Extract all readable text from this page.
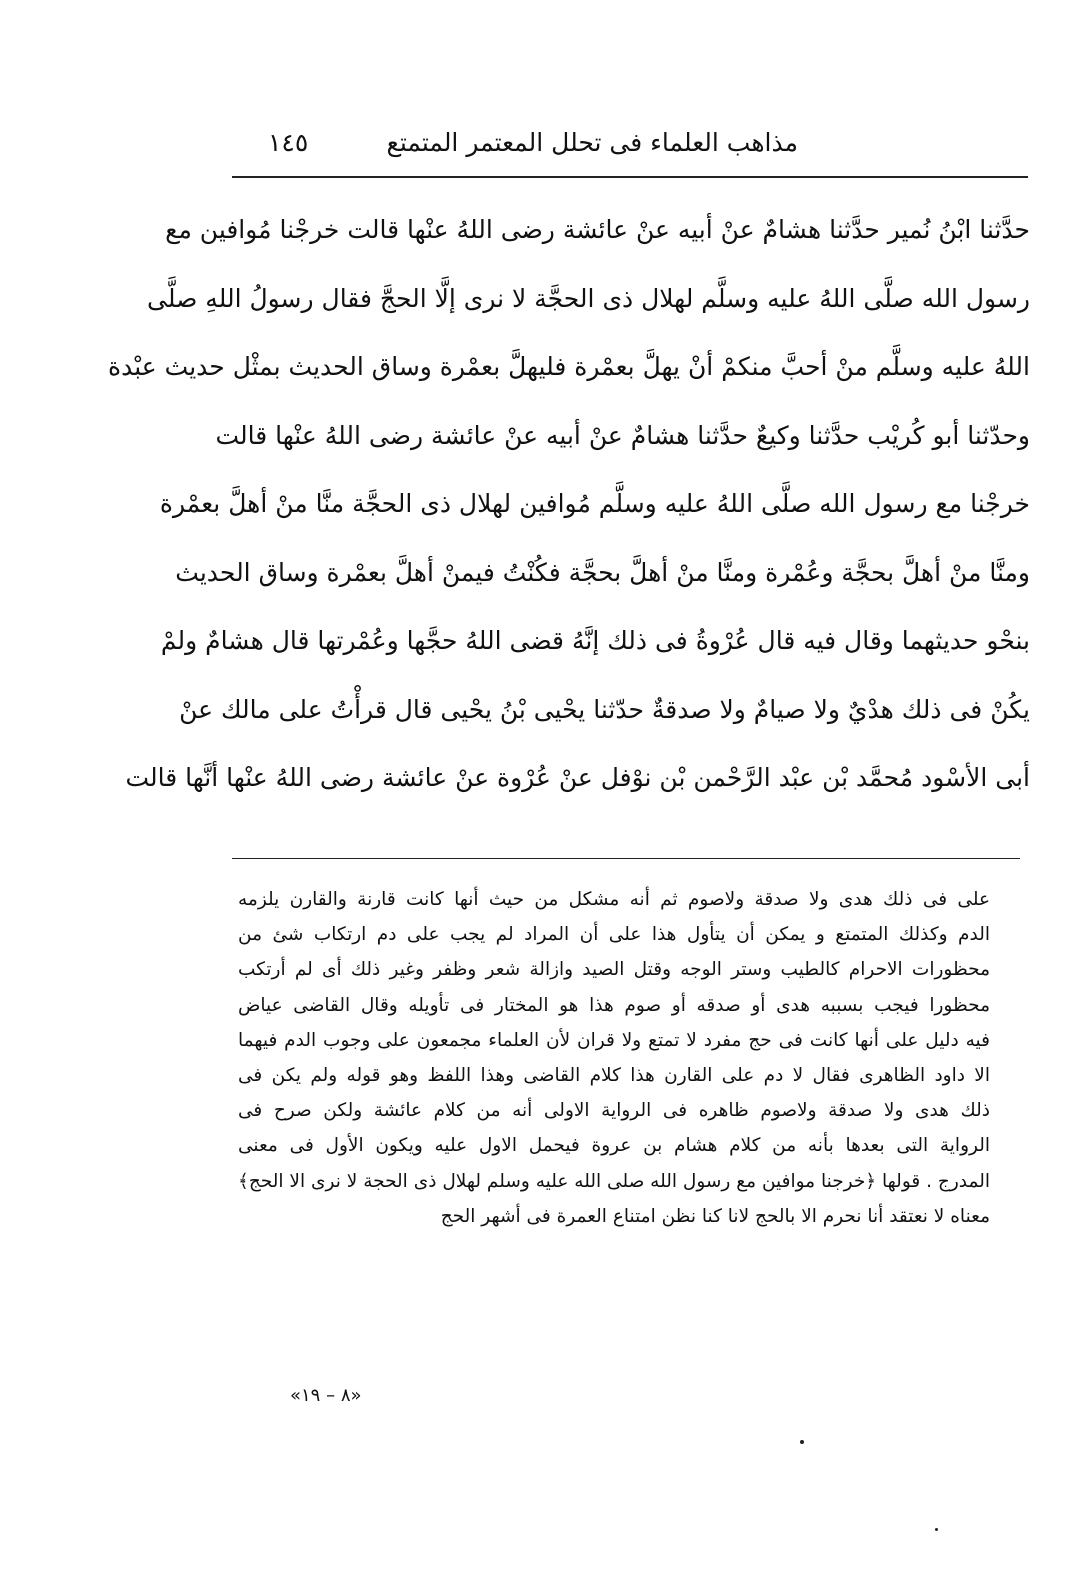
مذاهب العلماء فى تحلل المعتمر المتمتع
١٤٥
حدَّثنا ابْنُ نُمير حدَّثنا هشامٌ عنْ أبيه عنْ عائشة رضى اللهُ عنْها قالت خرجْنا مُوافين مع
رسول الله صلَّى اللهُ عليه وسلَّم لهلال ذى الحجَّة لا نرى إلَّا الحجَّ فقال رسولُ اللهِ صلَّى
اللهُ عليه وسلَّم منْ أحبَّ منكمْ أنْ يهلَّ بعمْرة فليهلَّ بعمْرة وساق الحديث بمثْل حديث عبْدة
وحدّثنا أبو كُريْب حدَّثنا وكيعٌ حدَّثنا هشامٌ عنْ أبيه عنْ عائشة رضى اللهُ عنْها قالت
خرجْنا مع رسول الله صلَّى اللهُ عليه وسلَّم مُوافين لهلال ذى الحجَّة منَّا منْ أهلَّ بعمْرة
ومنَّا منْ أهلَّ بحجَّة وعُمْرة ومنَّا منْ أهلَّ بحجَّة فكُنْتُ فيمنْ أهلَّ بعمْرة وساق الحديث
بنحْو حديثهما وقال فيه قال عُرْوةُ فى ذلك إنَّهُ قضى اللهُ حجَّها وعُمْرتها قال هشامٌ ولمْ
يكُنْ فى ذلك هدْيٌ ولا صيامٌ ولا صدقةٌ حدّثنا يحْيى بْنُ يحْيى قال قرأْتُ على مالك عنْ
أبى الأسْود مُحمَّد بْن عبْد الرَّحْمن بْن نوْفل عنْ عُرْوة عنْ عائشة رضى اللهُ عنْها أنَّها قالت
على فى ذلك هدى ولا صدقة ولاصوم ثم أنه مشكل من حيث أنها كانت قارنة والقارن يلزمه
الدم وكذلك المتمتع و يمكن أن يتأول هذا على أن المراد لم يجب على دم ارتكاب شئ من
محظورات الاحرام كالطيب وستر الوجه وقتل الصيد وازالة شعر وظفر وغير ذلك أى لم أرتكب
محظورا فيجب بسببه هدى أو صدقه أو صوم هذا هو المختار فى تأويله وقال القاضى عياض
فيه دليل على أنها كانت فى حج مفرد لا تمتع ولا قران لأن العلماء مجمعون على وجوب الدم فيهما
الا داود الظاهرى فقال لا دم على القارن هذا كلام القاضى وهذا اللفظ وهو قوله ولم يكن فى
ذلك هدى ولا صدقة ولاصوم ظاهره فى الرواية الاولى أنه من كلام عائشة ولكن صرح فى
الرواية التى بعدها بأنه من كلام هشام بن عروة فيحمل الاول عليه ويكون الأول فى معنى
المدرج . قولها ﴿خرجنا موافين مع رسول الله صلى الله عليه وسلم لهلال ذى الحجة لا نرى الا الحج﴾
معناه لا نعتقد أنا نحرم الا بالحج لانا كنا نظن امتناع العمرة فى أشهر الحج
«٨ – ١٩»
